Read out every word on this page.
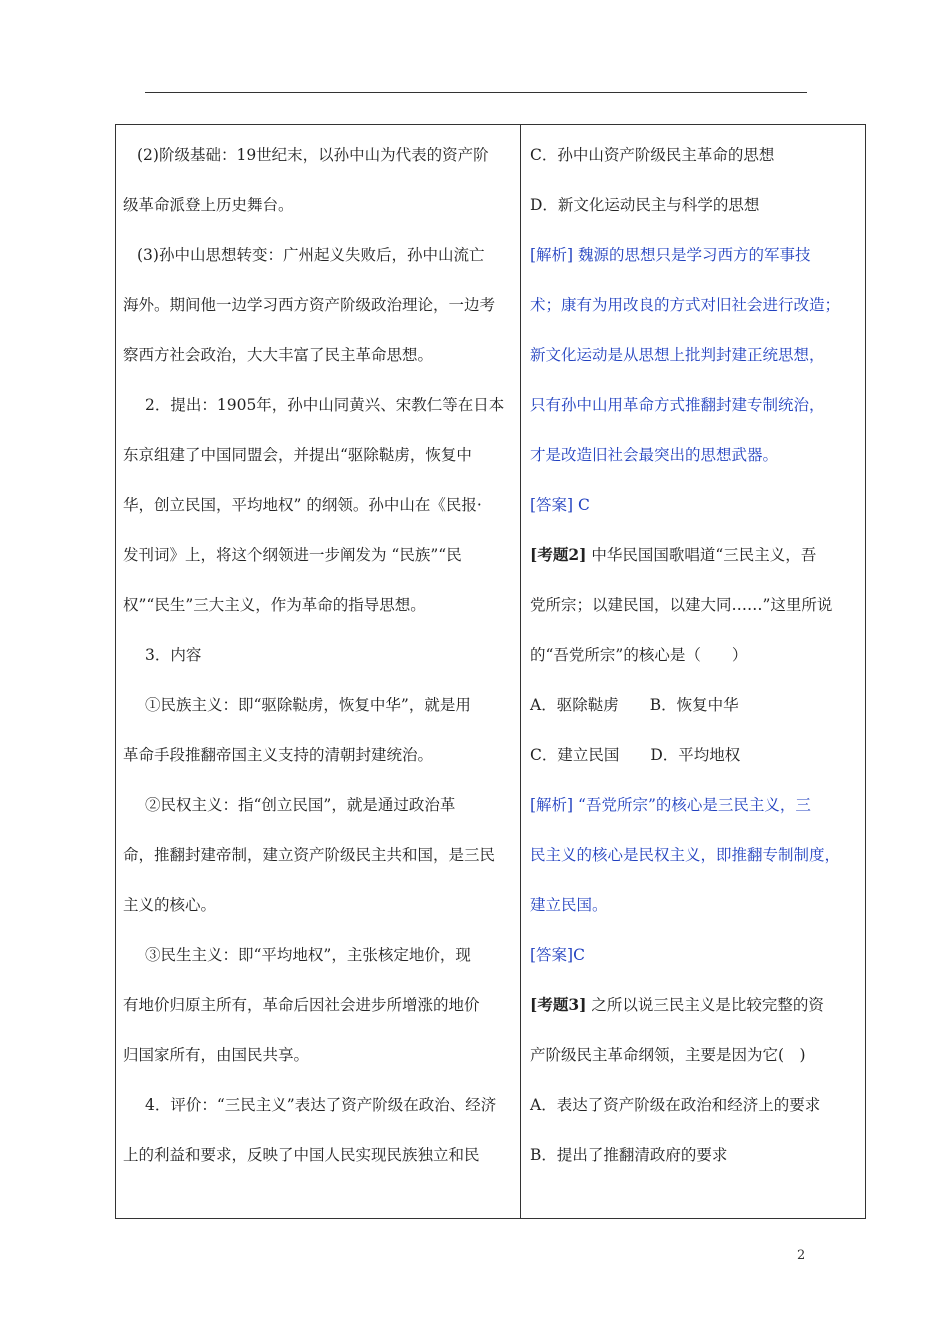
(2)阶级基础：19世纪末，以孙中山为代表的资产阶
级革命派登上历史舞台。
(3)孙中山思想转变：广州起义失败后，孙中山流亡
海外。期间他一边学习西方资产阶级政治理论，一边考
察西方社会政治，大大丰富了民主革命思想。
2．提出：1905年，孙中山同黄兴、宋教仁等在日本
东京组建了中国同盟会，并提出“驱除鞑虏，恢复中
华，创立民国，平均地权” 的纲领。孙中山在《民报·
发刊词》上，将这个纲领进一步阐发为 “民族”“民
权”“民生”三大主义，作为革命的指导思想。
3．内容
①民族主义：即“驱除鞑虏，恢复中华”，就是用
革命手段推翻帝国主义支持的清朝封建统治。
②民权主义：指“创立民国”，就是通过政治革
命，推翻封建帝制，建立资产阶级民主共和国，是三民
主义的核心。
③民生主义：即“平均地权”，主张核定地价，现
有地价归原主所有，革命后因社会进步所增涨的地价
归国家所有，由国民共享。
4．评价：“三民主义”表达了资产阶级在政治、经济
上的利益和要求，反映了中国人民实现民族独立和民
C．孙中山资产阶级民主革命的思想
D．新文化运动民主与科学的思想
[解析] 魏源的思想只是学习西方的军事技
术；康有为用改良的方式对旧社会进行改造；
新文化运动是从思想上批判封建正统思想，
只有孙中山用革命方式推翻封建专制统治，
才是改造旧社会最突出的思想武器。
[答案] C
[考题2] 中华民国国歌唱道“三民主义，吾
党所宗；以建民国，以建大同……”这里所说
的“吾党所宗”的核心是（　　）
A．驱除鞑虏　　B．恢复中华
C．建立民国　　D．平均地权
[解析] “吾党所宗”的核心是三民主义，三
民主义的核心是民权主义，即推翻专制制度，
建立民国。
[答案]C
[考题3] 之所以说三民主义是比较完整的资
产阶级民主革命纲领，主要是因为它(　)
A．表达了资产阶级在政治和经济上的要求
B．提出了推翻清政府的要求
2
